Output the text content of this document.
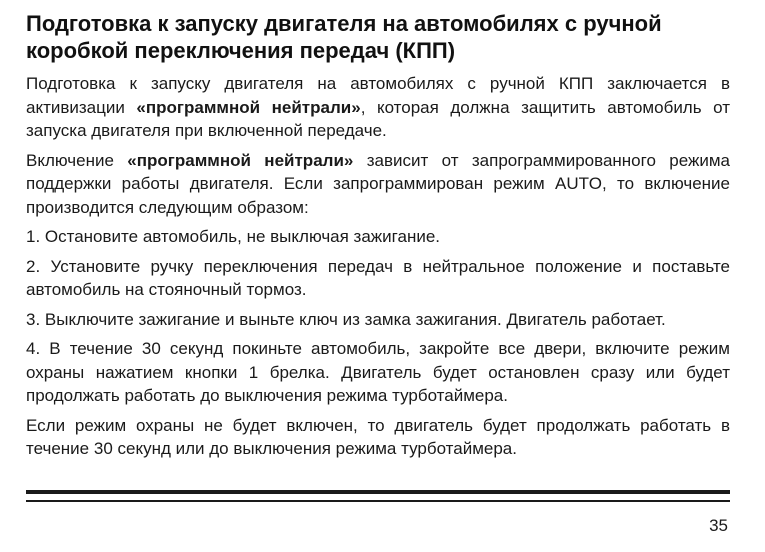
Подготовка к запуску двигателя на автомобилях с ручной коробкой переключения передач (КПП)

Подготовка к запуску двигателя на автомобилях с ручной КПП заключается в активизации «программной нейтрали», которая должна защитить автомобиль от запуска двигателя при включенной передаче.

Включение «программной нейтрали» зависит от запрограммированного режима поддержки работы двигателя. Если запрограммирован режим AUTO, то включение производится следующим образом:

1. Остановите автомобиль, не выключая зажигание.

2. Установите ручку переключения передач в нейтральное положение и поставьте автомобиль на стояночный тормоз.

3. Выключите зажигание и выньте ключ из замка зажигания. Двигатель работает.

4. В течение 30 секунд покиньте автомобиль, закройте все двери, включите режим охраны нажатием кнопки 1 брелка. Двигатель будет остановлен сразу или будет продолжать работать до выключения режима турботаймера.

Если режим охраны не будет включен, то двигатель будет продолжать работать в течение 30 секунд или до выключения режима турботаймера.

35
